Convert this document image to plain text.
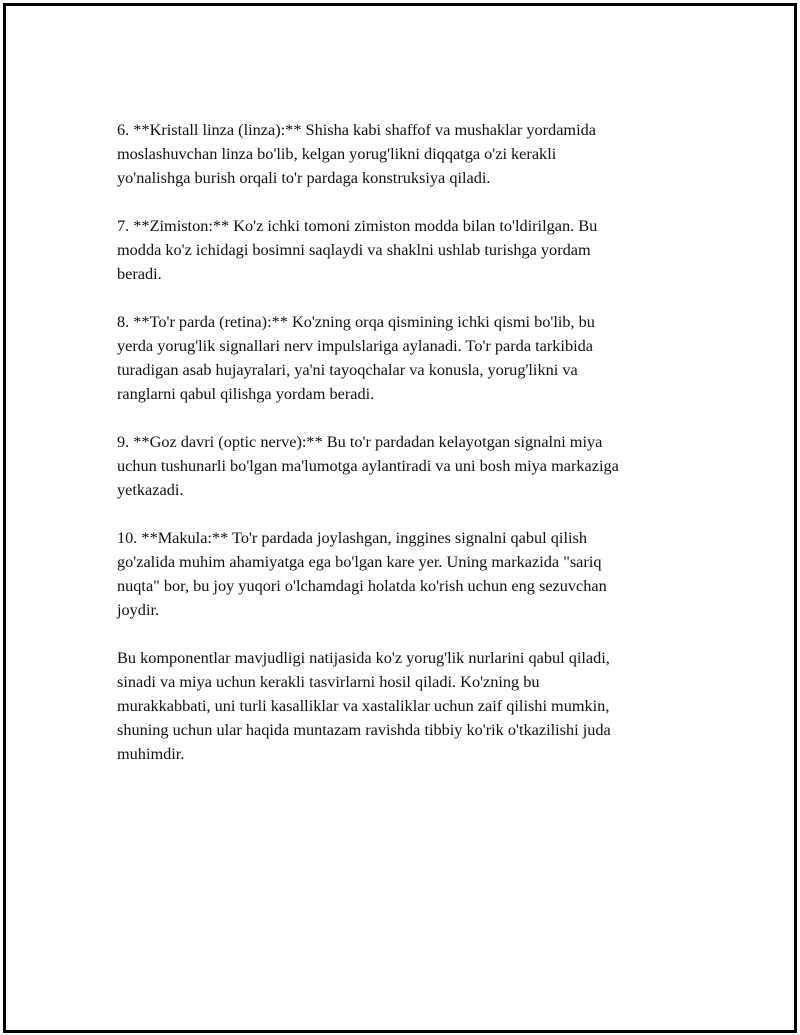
6. **Kristall linza (linza):** Shisha kabi shaffof va mushaklar yordamida
moslashuvchan linza bo'lib, kelgan yorug'likni diqqatga o'zi kerakli
yo'nalishga burish orqali to'r pardaga konstruksiya qiladi.

7. **Zimiston:** Ko'z ichki tomoni zimiston modda bilan to'ldirilgan. Bu
modda ko'z ichidagi bosimni saqlaydi va shaklni ushlab turishga yordam
beradi.

8. **To'r parda (retina):** Ko'zning orqa qismining ichki qismi bo'lib, bu
yerda yorug'lik signallari nerv impulslariga aylanadi. To'r parda tarkibida
turadigan asab hujayralari, ya'ni tayoqchalar va konusla, yorug'likni va
ranglarni qabul qilishga yordam beradi.

9. **Goz davri (optic nerve):** Bu to'r pardadan kelayotgan signalni miya
uchun tushunarli bo'lgan ma'lumotga aylantiradi va uni bosh miya markaziga
yetkazadi.

10. **Makula:** To'r pardada joylashgan, inggines signalni qabul qilish
go'zalida muhim ahamiyatga ega bo'lgan kare yer. Uning markazida "sariq
nuqta" bor, bu joy yuqori o'lchamdagi holatda ko'rish uchun eng sezuvchan
joydir.

Bu komponentlar mavjudligi natijasida ko'z yorug'lik nurlarini qabul qiladi,
sinadi va miya uchun kerakli tasvirlarni hosil qiladi. Ko'zning bu
murakkabbati, uni turli kasalliklar va xastaliklar uchun zaif qilishi mumkin,
shuning uchun ular haqida muntazam ravishda tibbiy ko'rik o'tkazilishi juda
muhimdir.
